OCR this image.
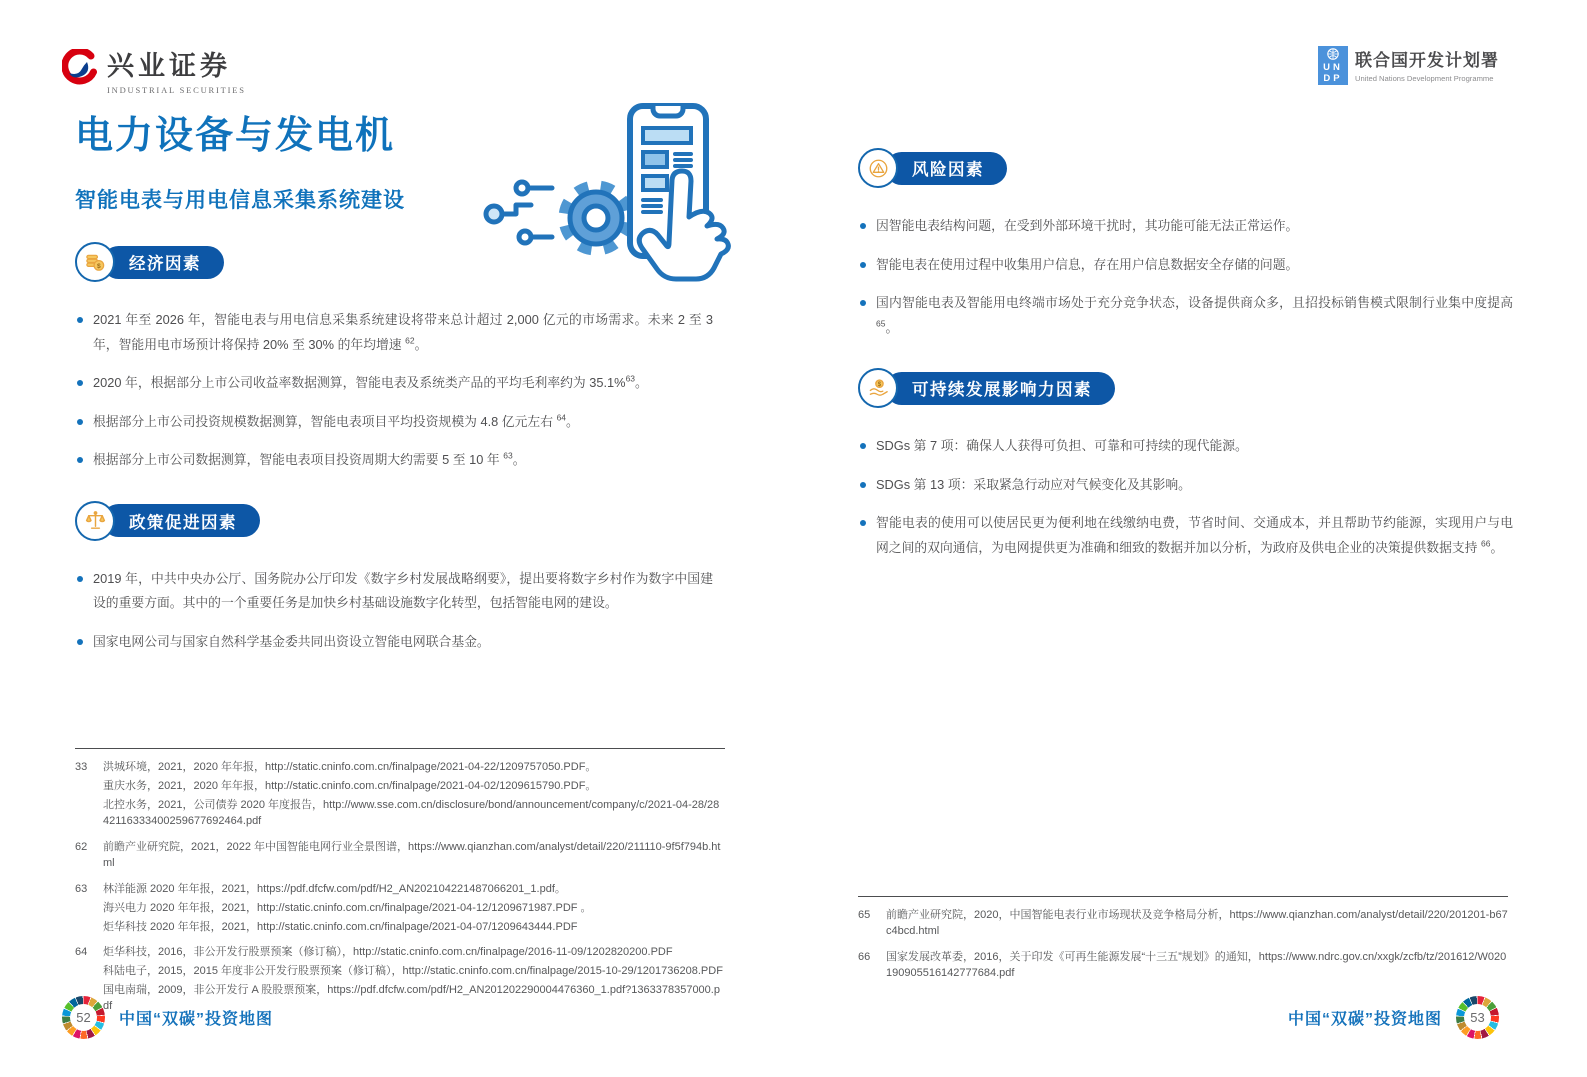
兴业证券
INDUSTRIAL SECURITIES
UN
DP
联合国开发计划署
United Nations Development Programme
电力设备与发电机
智能电表与用电信息采集系统建设
$	经济因素
2021 年至 2026 年，智能电表与用电信息采集系统建设将带来总计超过 2,000 亿元的市场需求。未来 2 至 3 年，智能用电市场预计将保持 20% 至 30% 的年均增速 $^{62}$。
2020 年，根据部分上市公司收益率数据测算，智能电表及系统类产品的平均毛利率约为 35.1%$^{63}$。
根据部分上市公司投资规模数据测算，智能电表项目平均投资规模为 4.8 亿元左右 $^{64}$。
根据部分上市公司数据测算，智能电表项目投资周期大约需要 5 至 10 年 $^{63}$。
政策促进因素
2019 年，中共中央办公厅、国务院办公厅印发《数字乡村发展战略纲要》，提出要将数字乡村作为数字中国建设的重要方面。其中的一个重要任务是加快乡村基础设施数字化转型，包括智能电网的建设。
国家电网公司与国家自然科学基金委共同出资设立智能电网联合基金。
风险因素
因智能电表结构问题，在受到外部环境干扰时，其功能可能无法正常运作。
智能电表在使用过程中收集用户信息，存在用户信息数据安全存储的问题。
国内智能电表及智能用电终端市场处于充分竞争状态，设备提供商众多，且招投标销售模式限制行业集中度提高 $^{65}$。
$	可持续发展影响力因素
SDGs 第 7 项：确保人人获得可负担、可靠和可持续的现代能源。
SDGs 第 13 项：采取紧急行动应对气候变化及其影响。
智能电表的使用可以使居民更为便利地在线缴纳电费，节省时间、交通成本，并且帮助节约能源，实现用户与电网之间的双向通信，为电网提供更为准确和细致的数据并加以分析，为政府及供电企业的决策提供数据支持 $^{66}$。
33	洪城环境，2021，2020 年年报，http://static.cninfo.com.cn/finalpage/2021-04-22/1209757050.PDF。
重庆水务，2021，2020 年年报，http://static.cninfo.com.cn/finalpage/2021-04-02/1209615790.PDF。
北控水务，2021，公司债券 2020 年度报告，http://www.sse.com.cn/disclosure/bond/announcement/company/c/2021-04-28/2842116333400259677692464.pdf
62	前瞻产业研究院，2021，2022 年中国智能电网行业全景图谱，https://www.qianzhan.com/analyst/detail/220/211110-9f5f794b.html
63	林洋能源 2020 年年报，2021，https://pdf.dfcfw.com/pdf/H2_AN202104221487066201_1.pdf。
海兴电力 2020 年年报，2021，http://static.cninfo.com.cn/finalpage/2021-04-12/1209671987.PDF 。
炬华科技 2020 年年报，2021，http://static.cninfo.com.cn/finalpage/2021-04-07/1209643444.PDF
64	炬华科技，2016，非公开发行股票预案（修订稿），http://static.cninfo.com.cn/finalpage/2016-11-09/1202820200.PDF
科陆电子，2015，2015 年度非公开发行股票预案（修订稿），http://static.cninfo.com.cn/finalpage/2015-10-29/1201736208.PDF
国电南瑞，2009，非公开发行 A 股股票预案，https://pdf.dfcfw.com/pdf/H2_AN201202290004476360_1.pdf?1363378357000.pdf
65	前瞻产业研究院，2020，中国智能电表行业市场现状及竞争格局分析，https://www.qianzhan.com/analyst/detail/220/201201-b67c4bcd.html
66	国家发展改革委，2016，关于印发《可再生能源发展“十三五”规划》的通知，https://www.ndrc.gov.cn/xxgk/zcfb/tz/201612/W020190905516142777684.pdf
52	中国“双碳”投资地图	中国“双碳”投资地图	53
